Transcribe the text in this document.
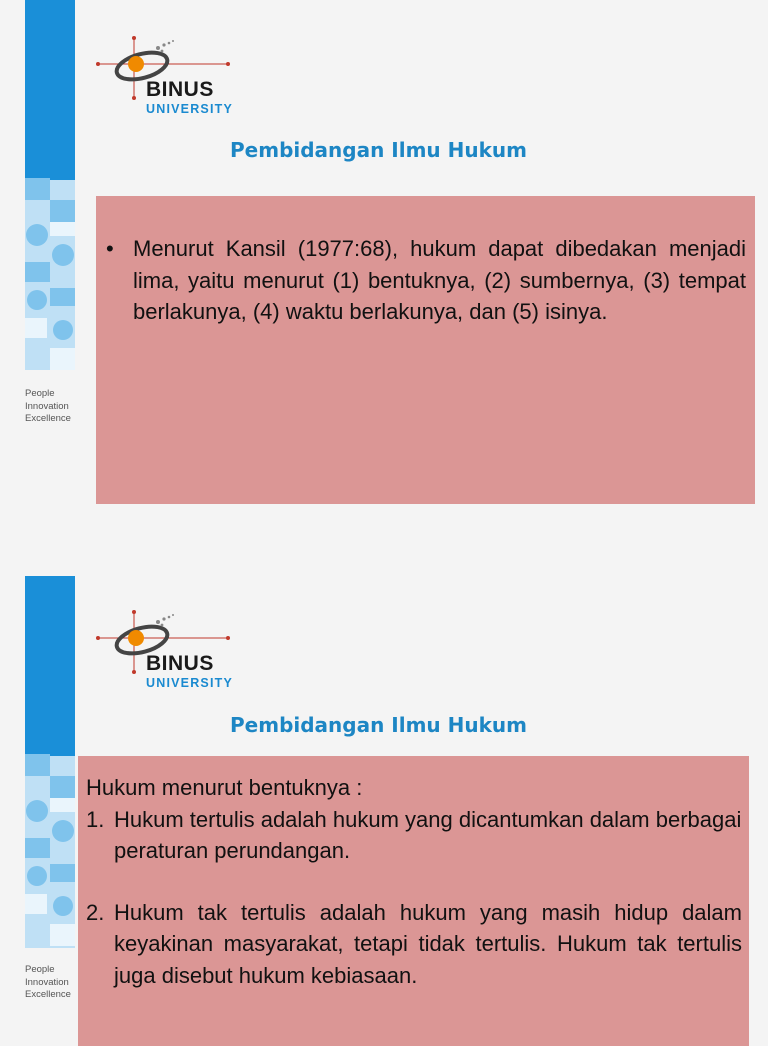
People
Innovation
Excellence
BINUS
UNIVERSITY
Pembidangan Ilmu Hukum
• Menurut Kansil (1977:68), hukum dapat dibedakan menjadi lima, yaitu menurut (1) bentuknya, (2) sumbernya, (3) tempat berlakunya, (4) waktu berlakunya, dan (5) isinya.
People
Innovation
Excellence
BINUS
UNIVERSITY
Pembidangan Ilmu Hukum
Hukum menurut bentuknya :
1. Hukum tertulis adalah hukum yang dicantumkan dalam berbagai peraturan perundangan.
2. Hukum tak tertulis adalah hukum yang masih hidup dalam keyakinan masyarakat, tetapi tidak tertulis. Hukum tak tertulis juga disebut hukum kebiasaan.
